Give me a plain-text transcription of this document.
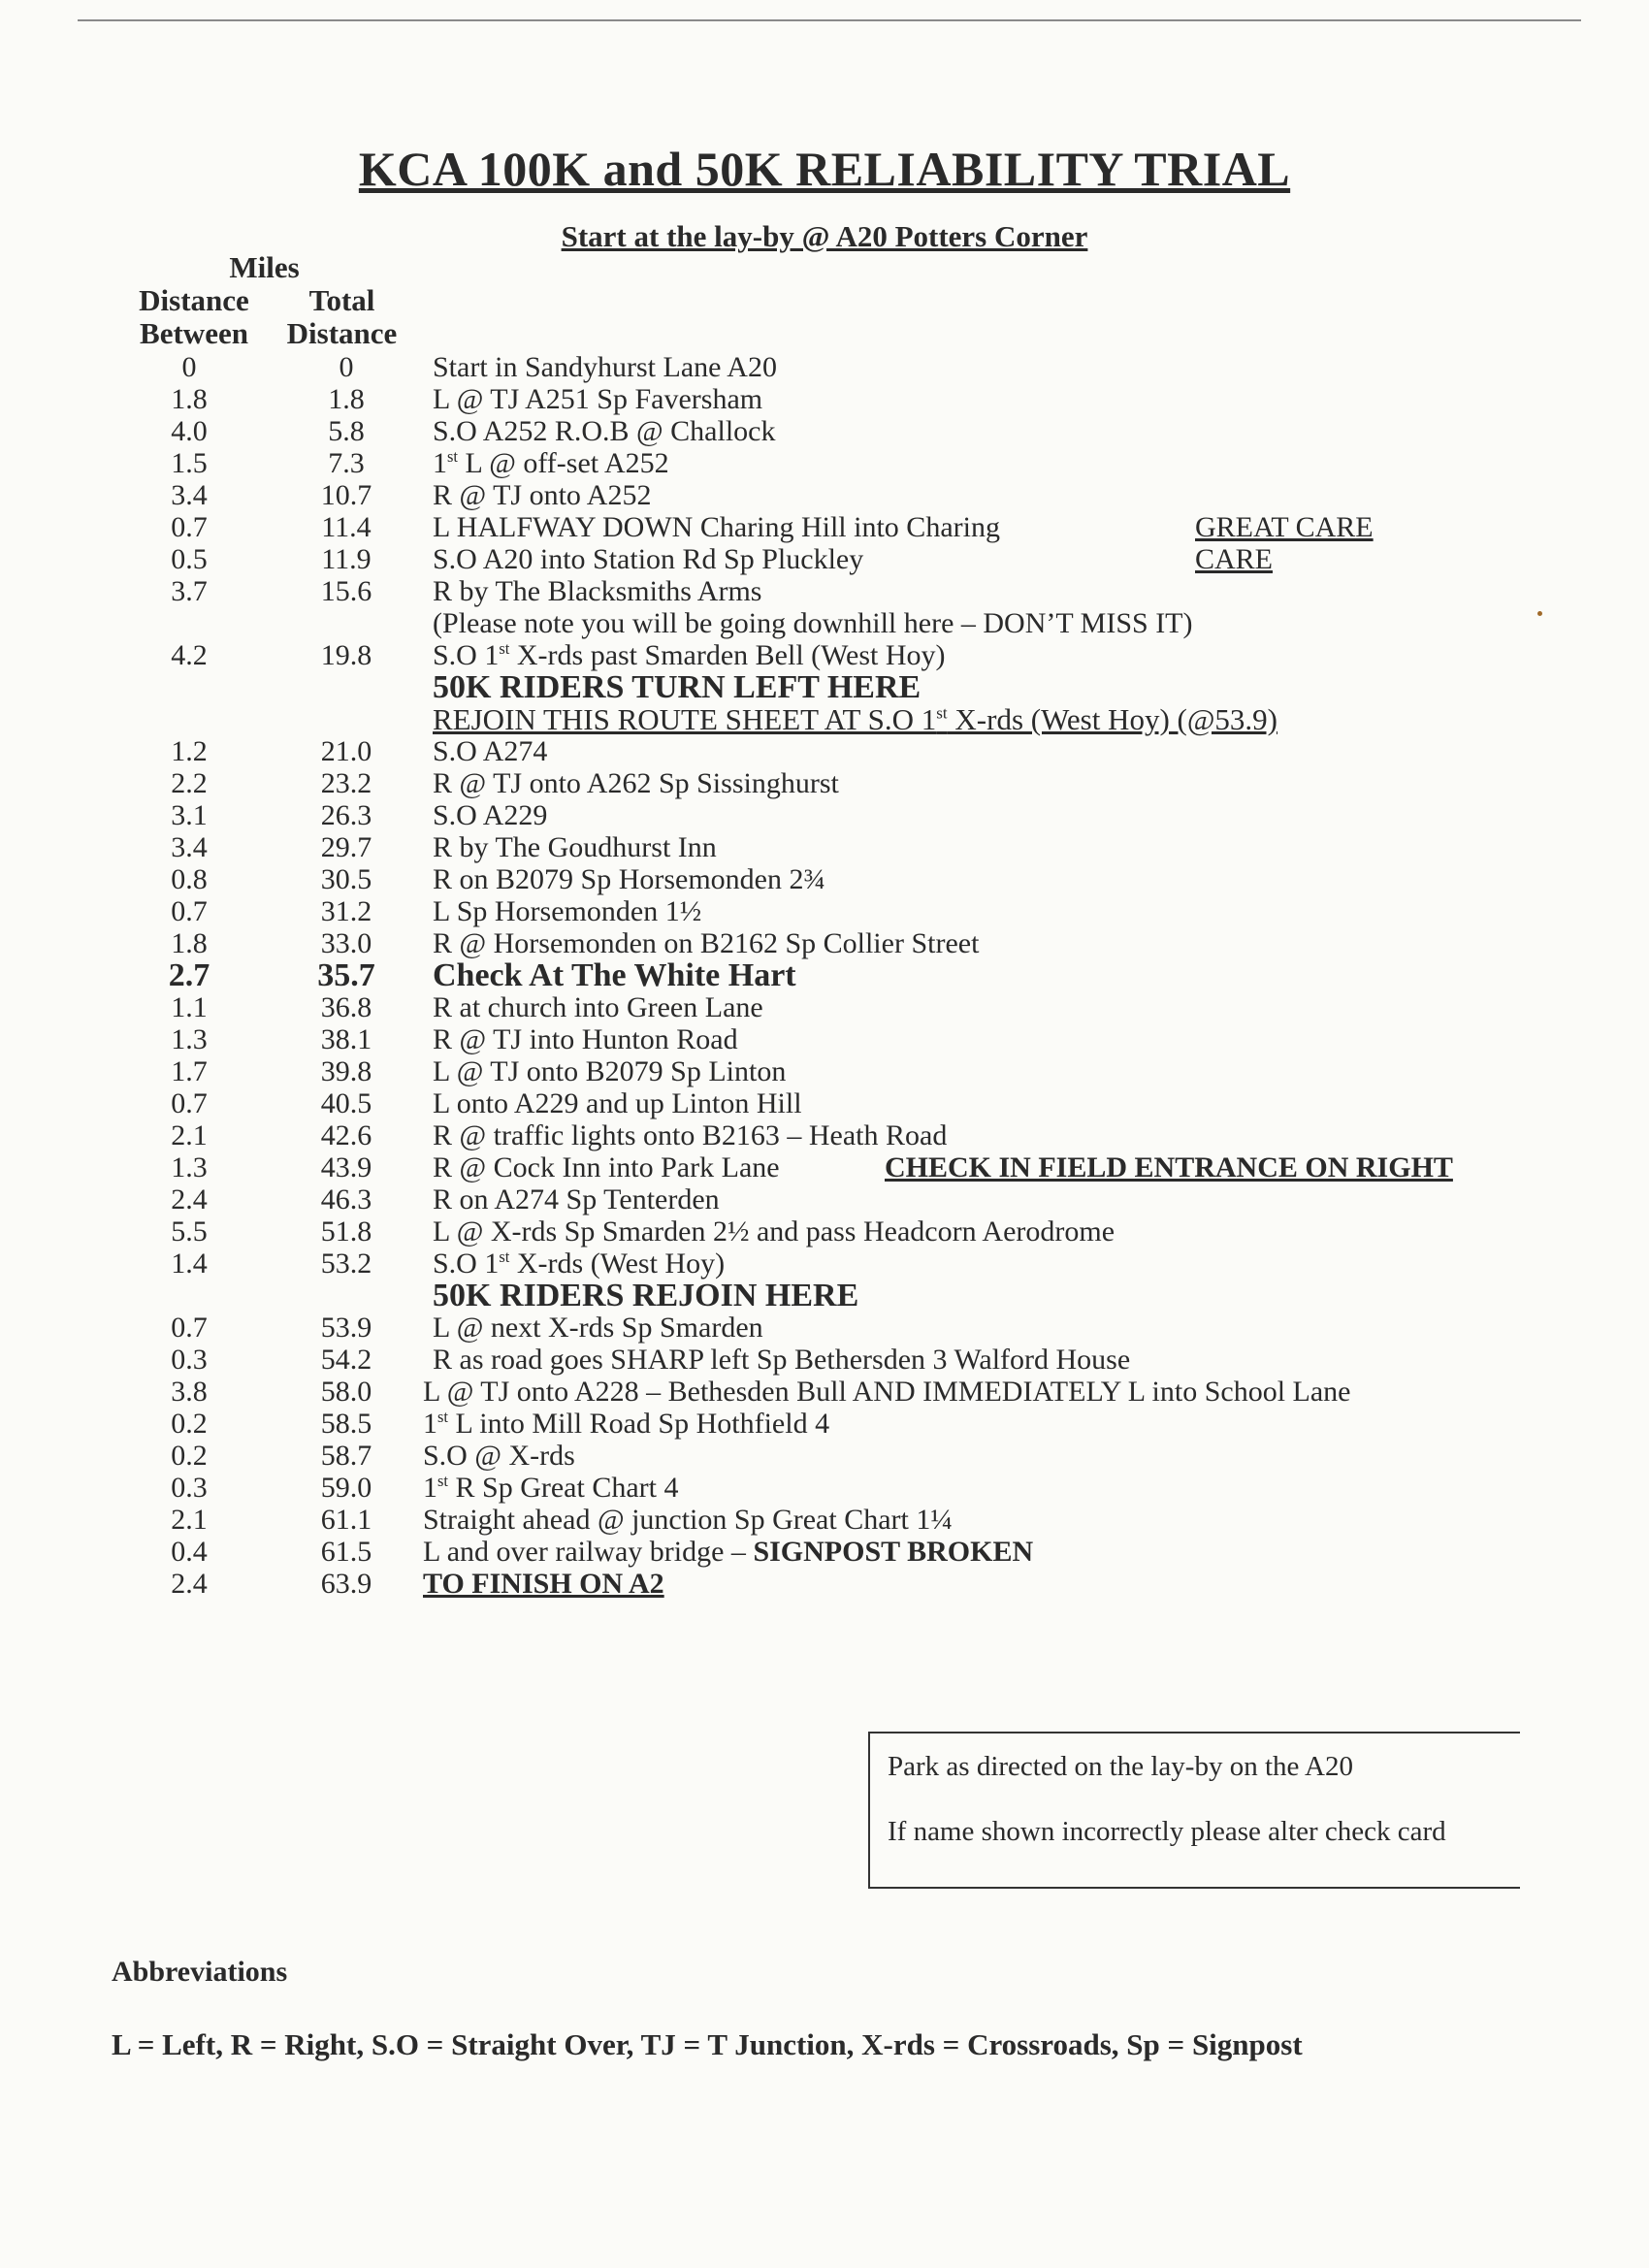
KCA 100K and 50K RELIABILITY TRIAL
Start at the lay-by @ A20 Potters Corner
Miles
Distance
Between
Total
Distance
0	0	Start in Sandyhurst Lane A20
1.8	1.8	L @ TJ A251 Sp Faversham
4.0	5.8	S.O A252 R.O.B @ Challock
1.5	7.3	1st L @ off-set A252
3.4	10.7	R @ TJ onto A252
0.7	11.4	L HALFWAY DOWN Charing Hill into Charing	GREAT CARE
0.5	11.9	S.O A20 into Station Rd Sp Pluckley	CARE
3.7	15.6	R by The Blacksmiths Arms
(Please note you will be going downhill here – DON’T MISS IT)
4.2	19.8	S.O 1st X-rds past Smarden Bell (West Hoy)
50K RIDERS TURN LEFT HERE
REJOIN THIS ROUTE SHEET AT S.O 1st X-rds (West Hoy) (@53.9)
1.2	21.0	S.O A274
2.2	23.2	R @ TJ onto A262 Sp Sissinghurst
3.1	26.3	S.O A229
3.4	29.7	R by The Goudhurst Inn
0.8	30.5	R on B2079 Sp Horsemonden 2¾
0.7	31.2	L Sp Horsemonden 1½
1.8	33.0	R @ Horsemonden on B2162 Sp Collier Street
2.7	35.7	Check At The White Hart
1.1	36.8	R at church into Green Lane
1.3	38.1	R @ TJ into Hunton Road
1.7	39.8	L @ TJ onto B2079 Sp Linton
0.7	40.5	L onto A229 and up Linton Hill
2.1	42.6	R @ traffic lights onto B2163 – Heath Road
1.3	43.9	R @ Cock Inn into Park Lane	CHECK IN FIELD ENTRANCE ON RIGHT
2.4	46.3	R on A274 Sp Tenterden
5.5	51.8	L @ X-rds Sp Smarden 2½ and pass Headcorn Aerodrome
1.4	53.2	S.O 1st X-rds (West Hoy)
50K RIDERS REJOIN HERE
0.7	53.9	L @ next X-rds Sp Smarden
0.3	54.2	R as road goes SHARP left Sp Bethersden 3 Walford House
3.8	58.0	L @ TJ onto A228 – Bethesden Bull AND IMMEDIATELY L into School Lane
0.2	58.5	1st L into Mill Road Sp Hothfield 4
0.2	58.7	S.O @ X-rds
0.3	59.0	1st R Sp Great Chart 4
2.1	61.1	Straight ahead @ junction Sp Great Chart 1¼
0.4	61.5	L and over railway bridge – SIGNPOST BROKEN
2.4	63.9	TO FINISH ON A2
Park as directed on the lay-by on the A20
If name shown incorrectly please alter check card
Abbreviations
L = Left, R = Right, S.O = Straight Over, TJ = T Junction, X-rds = Crossroads, Sp = Signpost
